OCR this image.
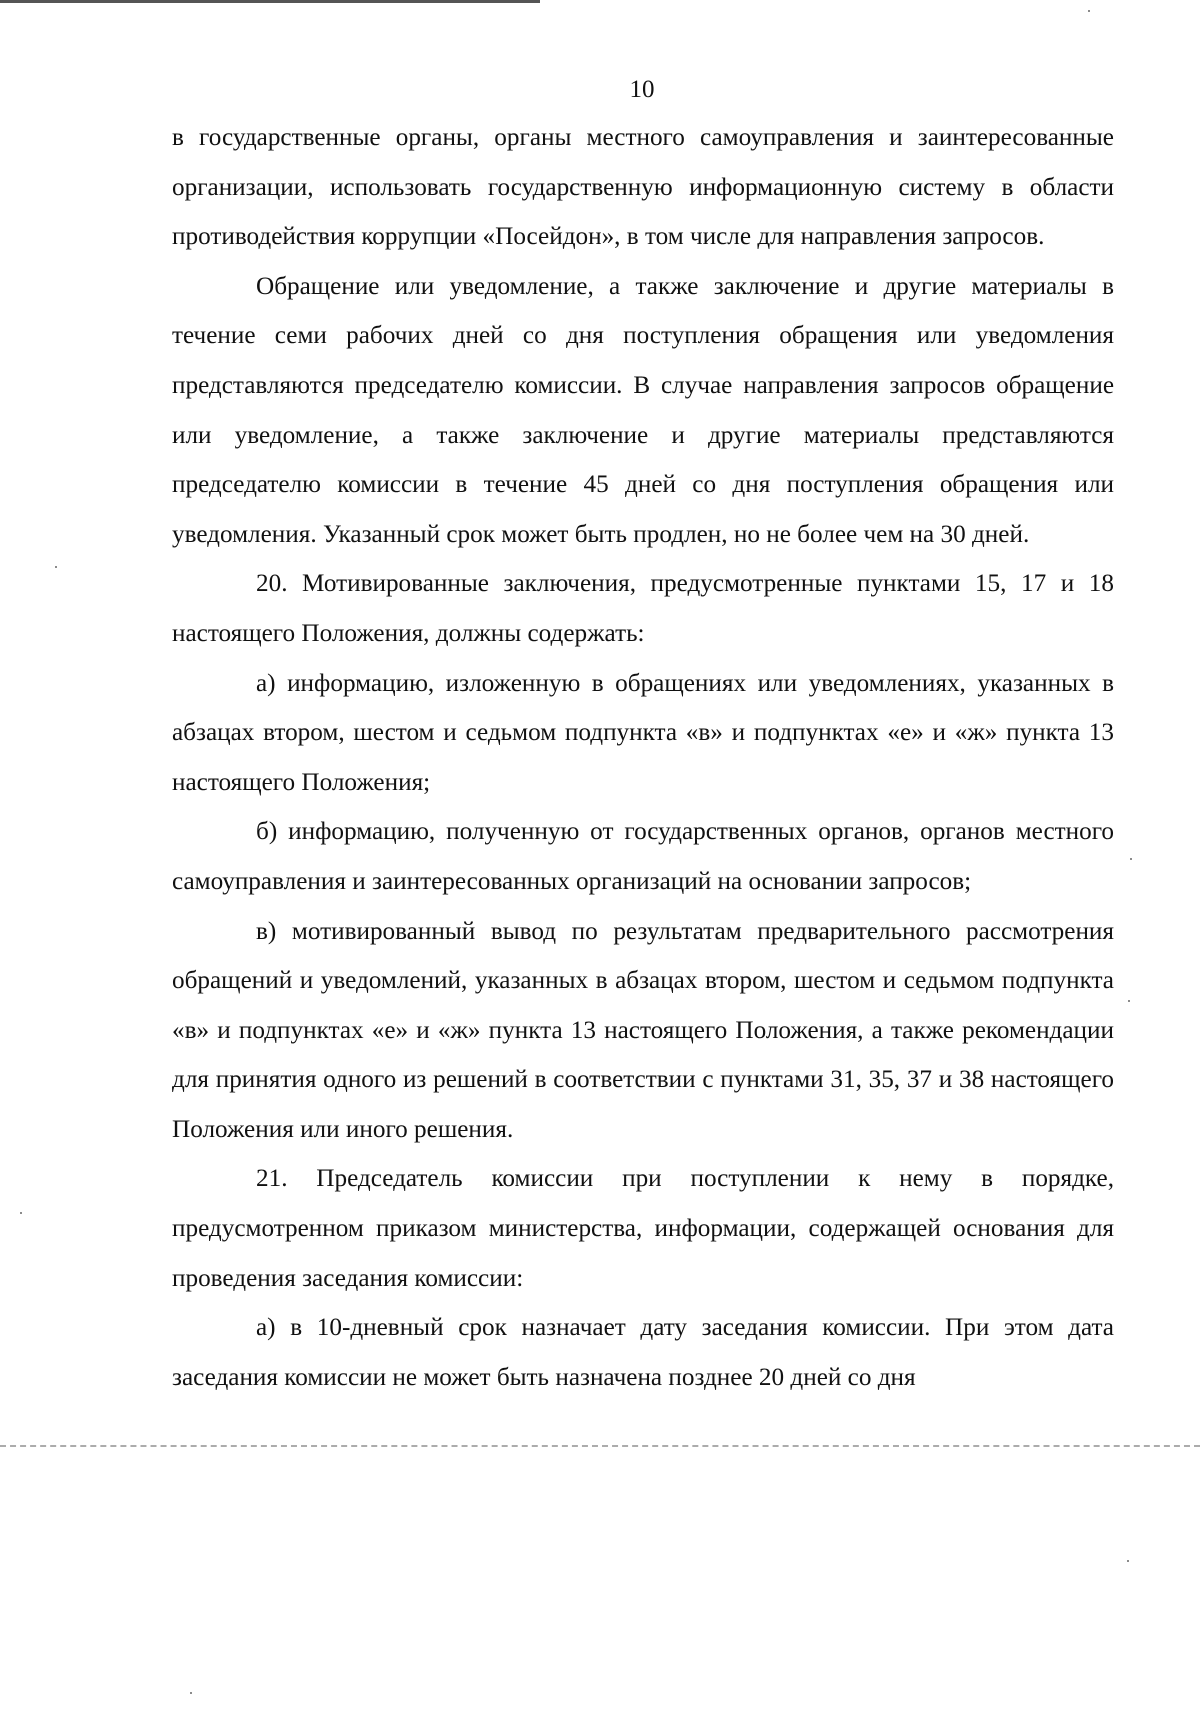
10

в государственные органы, органы местного самоуправления и заинтересованные организации, использовать государственную информационную систему в области противодействия коррупции «Посейдон», в том числе для направления запросов.

Обращение или уведомление, а также заключение и другие материалы в течение семи рабочих дней со дня поступления обращения или уведомления представляются председателю комиссии. В случае направления запросов обращение или уведомление, а также заключение и другие материалы представляются председателю комиссии в течение 45 дней со дня поступления обращения или уведомления. Указанный срок может быть продлен, но не более чем на 30 дней.

20. Мотивированные заключения, предусмотренные пунктами 15, 17 и 18 настоящего Положения, должны содержать:

а) информацию, изложенную в обращениях или уведомлениях, указанных в абзацах втором, шестом и седьмом подпункта «в» и подпунктах «е» и «ж» пункта 13 настоящего Положения;

б) информацию, полученную от государственных органов, органов местного самоуправления и заинтересованных организаций на основании запросов;

в) мотивированный вывод по результатам предварительного рассмотрения обращений и уведомлений, указанных в абзацах втором, шестом и седьмом подпункта «в» и подпунктах «е» и «ж» пункта 13 настоящего Положения, а также рекомендации для принятия одного из решений в соответствии с пунктами 31, 35, 37 и 38 настоящего Положения или иного решения.

21. Председатель комиссии при поступлении к нему в порядке, предусмотренном приказом министерства, информации, содержащей основания для проведения заседания комиссии:

а) в 10-дневный срок назначает дату заседания комиссии. При этом дата заседания комиссии не может быть назначена позднее 20 дней со дня
